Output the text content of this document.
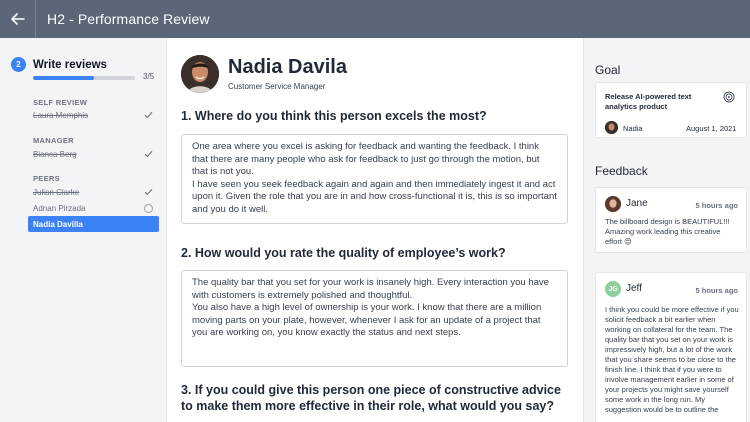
H2 - Performance Review
2	Write reviews
3/5
SELF REVIEW
Laura Memphis
MANAGER
Bianca Berg
PEERS
Julian Clarke
Adnan Pirzada
Nadia Davilla
Nadia Davila
Customer Service Manager
1. Where do you think this person excels the most?
One area where you excel is asking for feedback and wanting the feedback. I think that there are many people who ask for feedback to just go through the motion, but that is not you.
I have seen you seek feedback again and again and then immediately ingest it and act upon it. Given the role that you are in and how cross-functional it is, this is so important and you do it well.
2. How would you rate the quality of employee’s work?
The quality bar that you set for your work is insanely high. Every interaction you have with customers is extremely polished and thoughtful.
You also have a high level of ownership is your work. I know that there are a million moving parts on your plate, however, whenever I ask for an update of a project that you are working on, you know exactly the status and next steps.
3. If you could give this person one piece of constructive advice to make them more effective in their role, what would you say?
Goal
Release AI-powered text analytics product
Nadia	August 1, 2021
Feedback
Jane	5 hours ago
The billboard design is BEAUTIFUL!!! Amazing work leading this creative effort 😍
JG Jeff	5 hours ago
I think you could be more effective if you solicit feedback a bit earlier when working on collateral for the team. The quality bar that you set on your work is impressively high, but a lot of the work that you share seems to be close to the finish line. I think that if you were to involve management earlier in some of your projects you might save yourself some work in the long run. My suggestion would be to outline the
